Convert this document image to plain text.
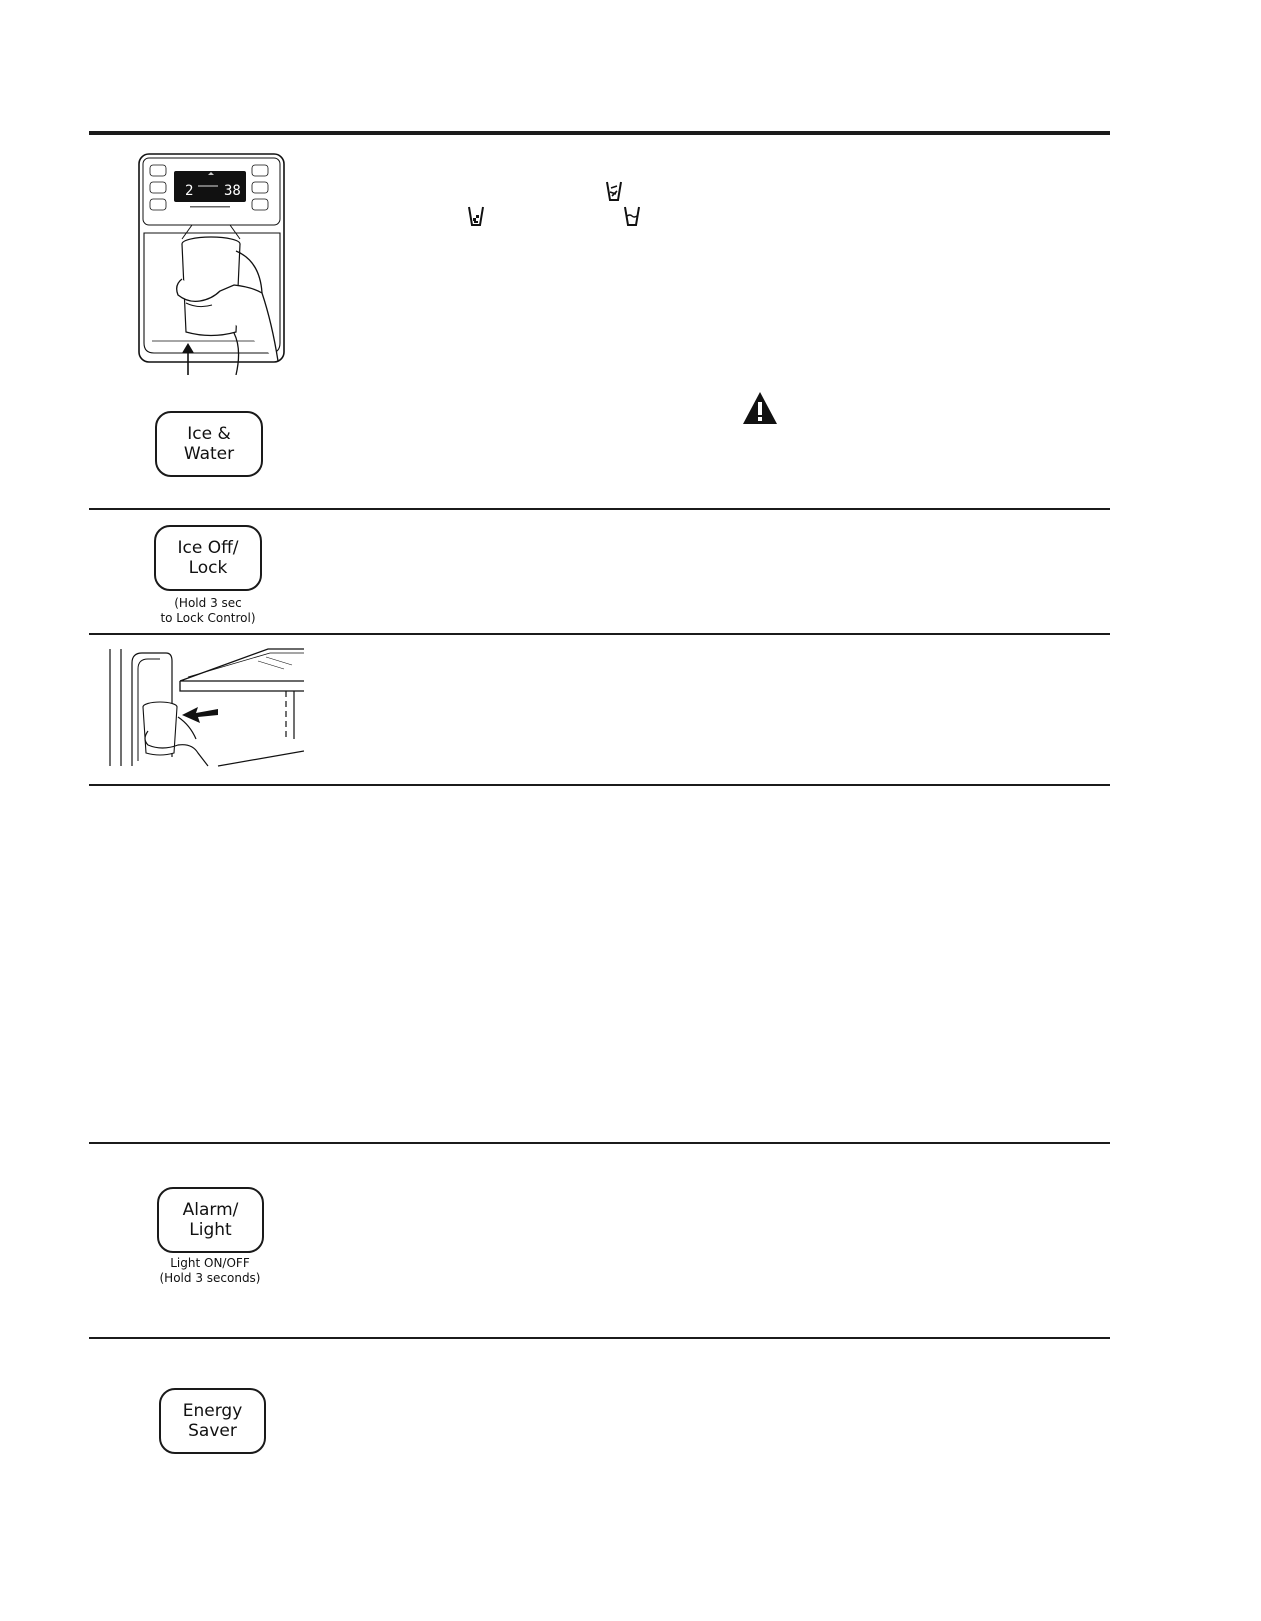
2 38
Ice &
Water
Ice Off/
Lock
(Hold 3 sec
to Lock Control)
Alarm/
Light
Light ON/OFF
(Hold 3 seconds)
Energy
Saver
